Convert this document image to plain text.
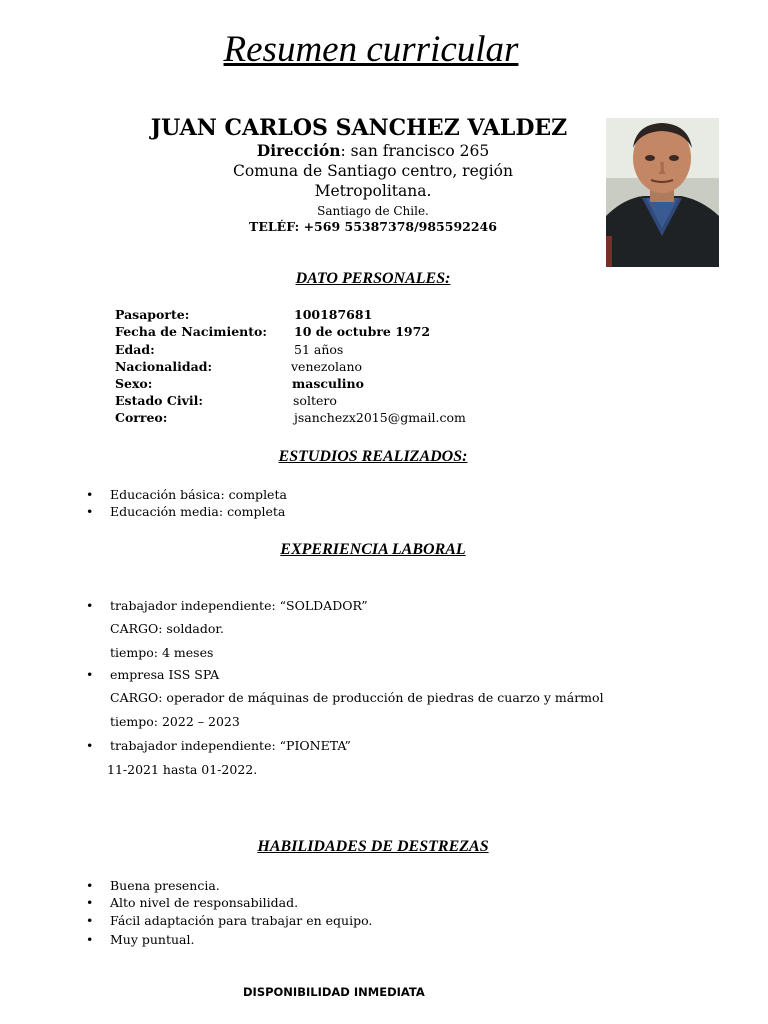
Resumen curricular
JUAN CARLOS SANCHEZ VALDEZ
Dirección: san francisco 265
Comuna de Santiago centro, región
Metropolitana.
Santiago de Chile.
TELÉF: +569 55387378/985592246
DATO PERSONALES:
Pasaporte:	100187681
Fecha de Nacimiento: 10 de octubre 1972
Edad:	51 años
Nacionalidad:	venezolano
Sexo:	masculino
Estado Civil:	soltero
Correo:	jsanchezx2015@gmail.com
ESTUDIOS REALIZADOS:
• Educación básica: completa
• Educación media: completa
EXPERIENCIA LABORAL
• trabajador independiente: “SOLDADOR”
CARGO: soldador.
tiempo: 4 meses
• empresa ISS SPA
CARGO: operador de máquinas de producción de piedras de cuarzo y mármol
tiempo: 2022 – 2023
• trabajador independiente: “PIONETA”
11-2021 hasta 01-2022.
HABILIDADES DE DESTREZAS
• Buena presencia.
• Alto nivel de responsabilidad.
• Fácil adaptación para trabajar en equipo.
• Muy puntual.
DISPONIBILIDAD INMEDIATA
